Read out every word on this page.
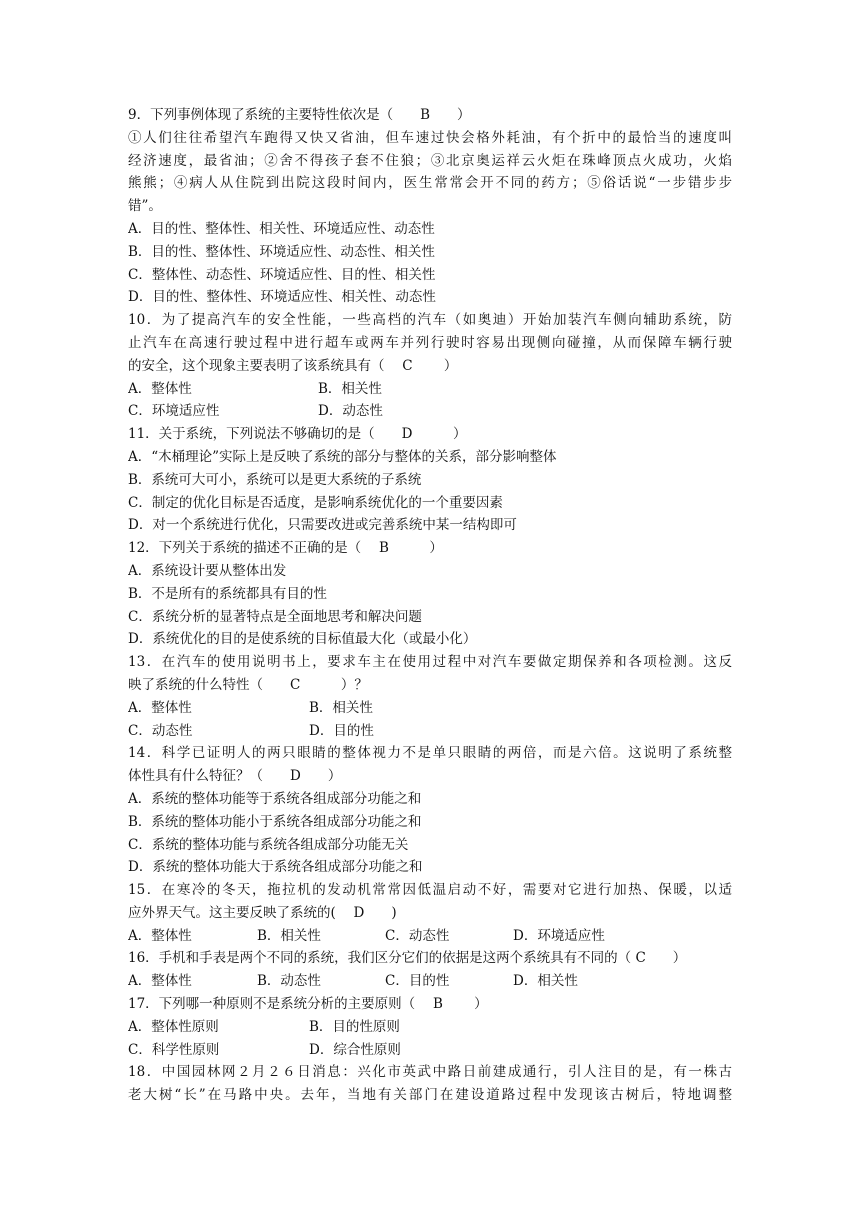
9．下列事例体现了系统的主要特性依次是（　　B　　）
①人们往往希望汽车跑得又快又省油，但车速过快会格外耗油，有个折中的最恰当的速度叫
经济速度，最省油；②舍不得孩子套不住狼；③北京奥运祥云火炬在珠峰顶点火成功，火焰
熊熊；④病人从住院到出院这段时间内，医生常常会开不同的药方；⑤俗话说“一步错步步
错”。
A．目的性、整体性、相关性、环境适应性、动态性
B．目的性、整体性、环境适应性、动态性、相关性
C．整体性、动态性、环境适应性、目的性、相关性
D．目的性、整体性、环境适应性、相关性、动态性
10．为了提高汽车的安全性能，一些高档的汽车（如奥迪）开始加装汽车侧向辅助系统，防
止汽车在高速行驶过程中进行超车或两车并列行驶时容易出现侧向碰撞，从而保障车辆行驶
的安全，这个现象主要表明了该系统具有（　 C　　 ）
A．整体性	B．相关性
C．环境适应性	D．动态性
11．关于系统，下列说法不够确切的是（　　D　　　）
A．“木桶理论”实际上是反映了系统的部分与整体的关系，部分影响整体
B．系统可大可小，系统可以是更大系统的子系统
C．制定的优化目标是否适度，是影响系统优化的一个重要因素
D．对一个系统进行优化，只需要改进或完善系统中某一结构即可
12．下列关于系统的描述不正确的是（　 B　　　）
A．系统设计要从整体出发
B．不是所有的系统都具有目的性
C．系统分析的显著特点是全面地思考和解决问题
D．系统优化的目的是使系统的目标值最大化（或最小化）
13．在汽车的使用说明书上，要求车主在使用过程中对汽车要做定期保养和各项检测。这反
映了系统的什么特性（　　C　　　）？
A．整体性	B．相关性
C．动态性	D．目的性
14．科学已证明人的两只眼睛的整体视力不是单只眼睛的两倍，而是六倍。这说明了系统整
体性具有什么特征？（　　D　　）
A．系统的整体功能等于系统各组成部分功能之和
B．系统的整体功能小于系统各组成部分功能之和
C．系统的整体功能与系统各组成部分功能无关
D．系统的整体功能大于系统各组成部分功能之和
15．在寒冷的冬天，拖拉机的发动机常常因低温启动不好，需要对它进行加热、保暖，以适
应外界天气。这主要反映了系统的(　 D　　)
A．整体性	B．相关性	C．动态性	D．环境适应性
16．手机和手表是两个不同的系统，我们区分它们的依据是这两个系统具有不同的（ C　　）
A．整体性	B．动态性	C．目的性	D．相关性
17．下列哪一种原则不是系统分析的主要原则（　 B　　 ）
A．整体性原则	B．目的性原则
C．科学性原则	D．综合性原则
18．中国园林网２月２６日消息：兴化市英武中路日前建成通行，引人注目的是，有一株古
老大树“长”在马路中央。去年，当地有关部门在建设道路过程中发现该古树后，特地调整
